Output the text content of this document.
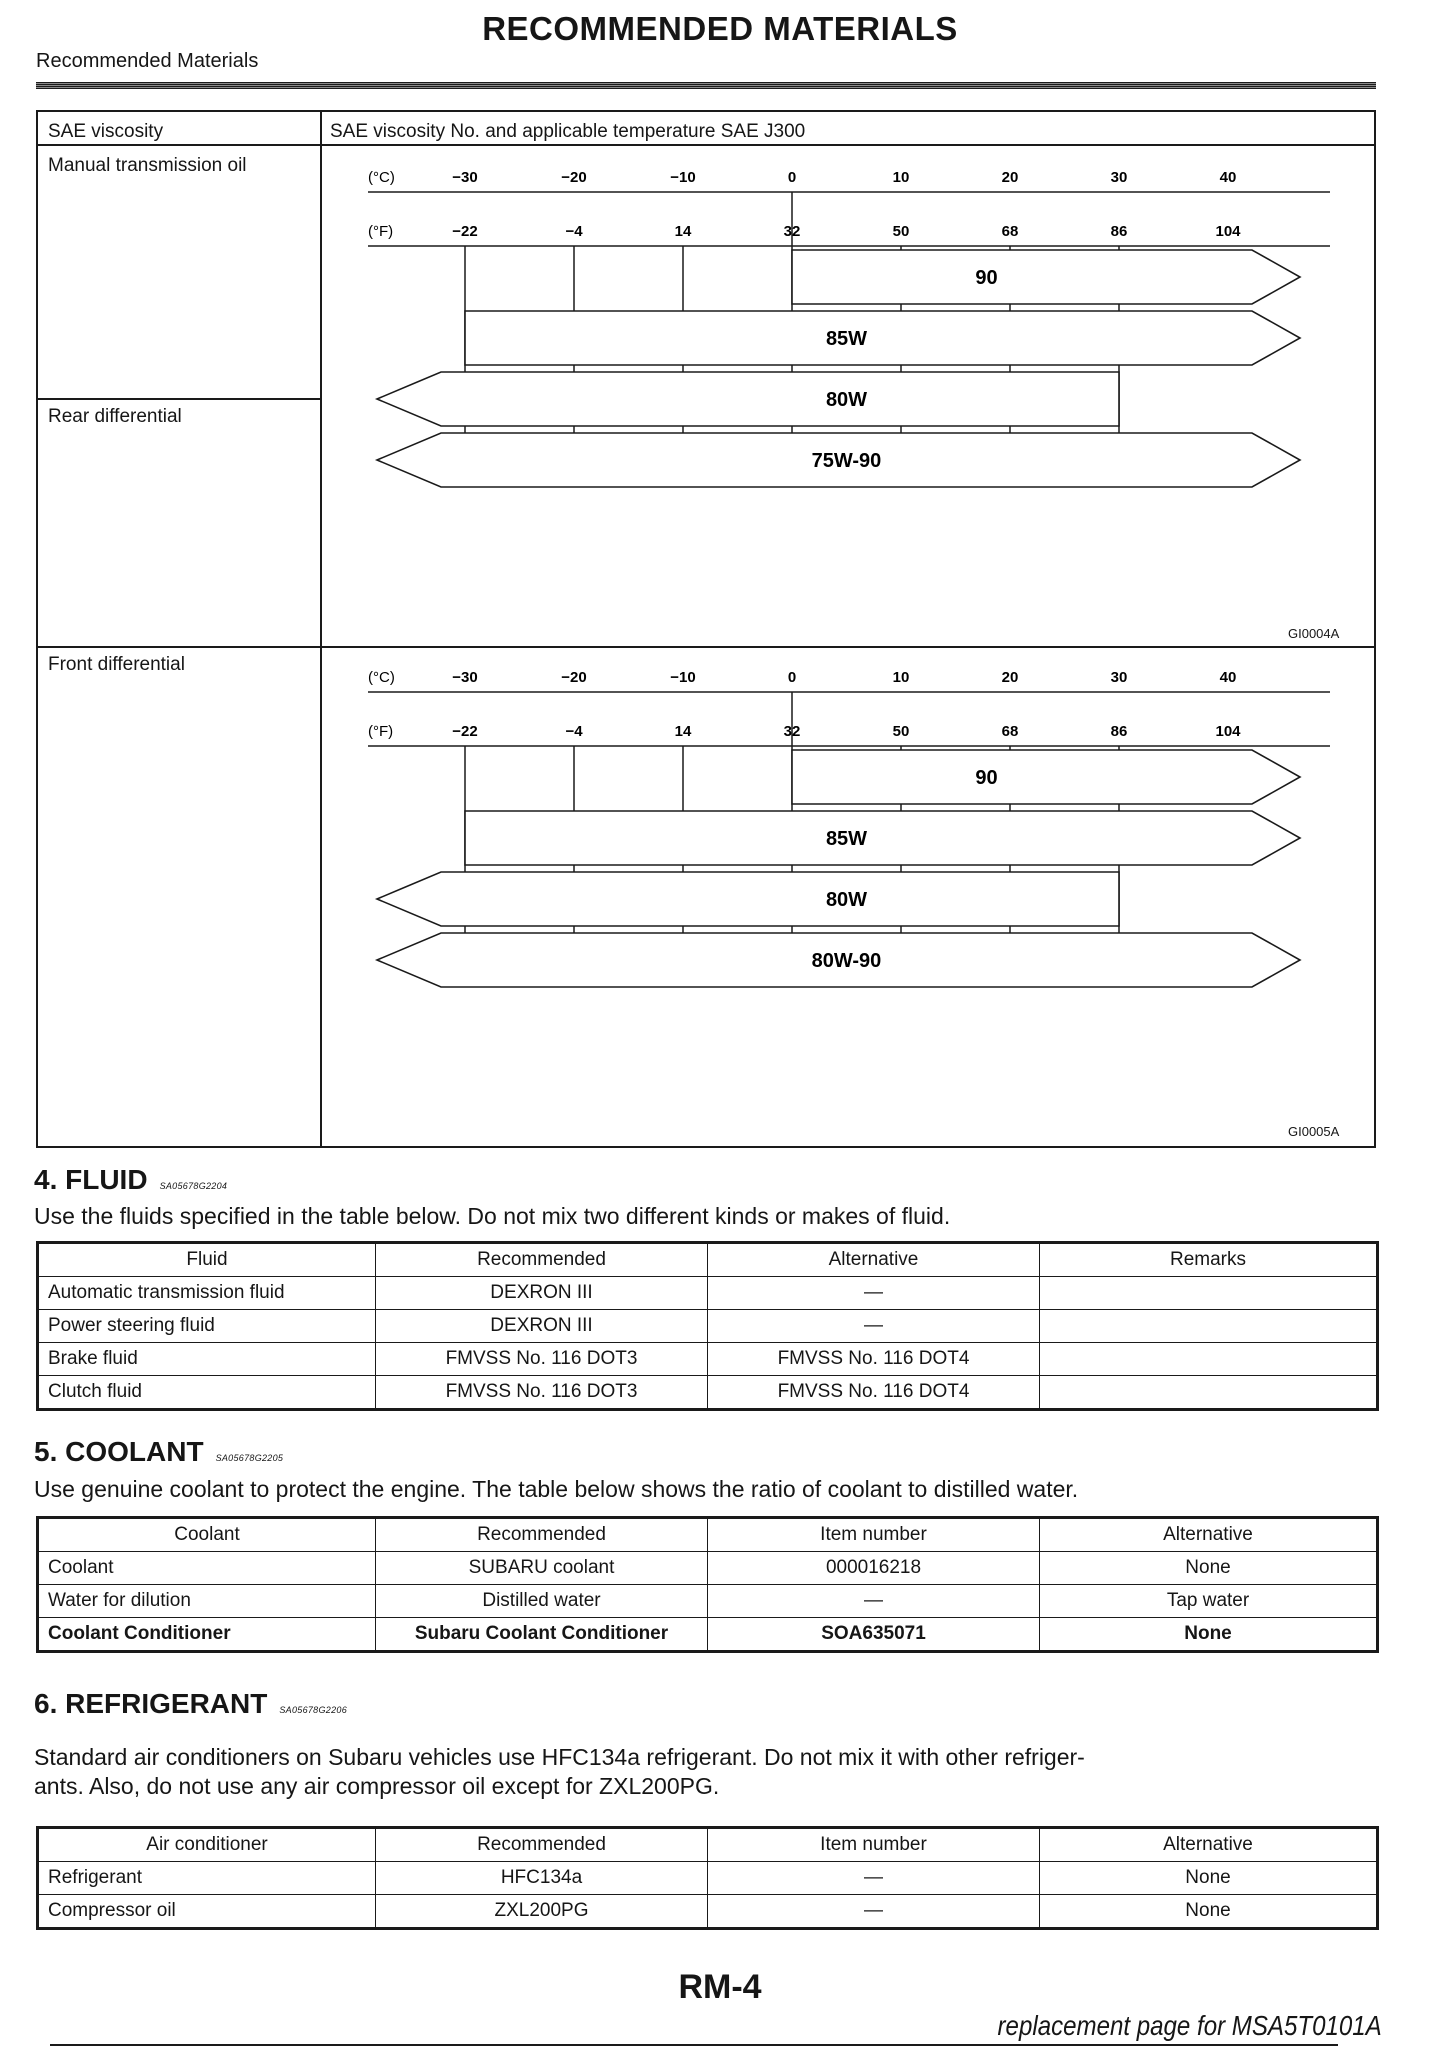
RECOMMENDED MATERIALS
Recommended Materials
SAE viscosity	SAE viscosity No. and applicable temperature SAE J300
Manual transmission oil
Rear differential
Front differential
(°C)
(°F)
−30
−22
−20
−4
−10
14
0
32
10
50
20
68
30
86
40
104
90
85W
80W
75W-90
GI0004A
(°C)
(°F)
−30
−22
−20
−4
−10
14
0
32
10
50
20
68
30
86
40
104
90
85W
80W
80W-90
GI0005A
4. FLUID SA05678G2204
Use the fluids specified in the table below. Do not mix two different kinds or makes of fluid.
Fluid	Recommended	Alternative	Remarks
Automatic transmission fluid	DEXRON III	—	
Power steering fluid	DEXRON III	—	
Brake fluid	FMVSS No. 116 DOT3	FMVSS No. 116 DOT4	
Clutch fluid	FMVSS No. 116 DOT3	FMVSS No. 116 DOT4	
5. COOLANT SA05678G2205
Use genuine coolant to protect the engine. The table below shows the ratio of coolant to distilled water.
Coolant	Recommended	Item number	Alternative
Coolant	SUBARU coolant	000016218	None
Water for dilution	Distilled water	—	Tap water
Coolant Conditioner	Subaru Coolant Conditioner	SOA635071	None
6. REFRIGERANT SA05678G2206
Standard air conditioners on Subaru vehicles use HFC134a refrigerant. Do not mix it with other refriger-
ants. Also, do not use any air compressor oil except for ZXL200PG.
Air conditioner	Recommended	Item number	Alternative
Refrigerant	HFC134a	—	None
Compressor oil	ZXL200PG	—	None
RM-4
replacement page for MSA5T0101A
